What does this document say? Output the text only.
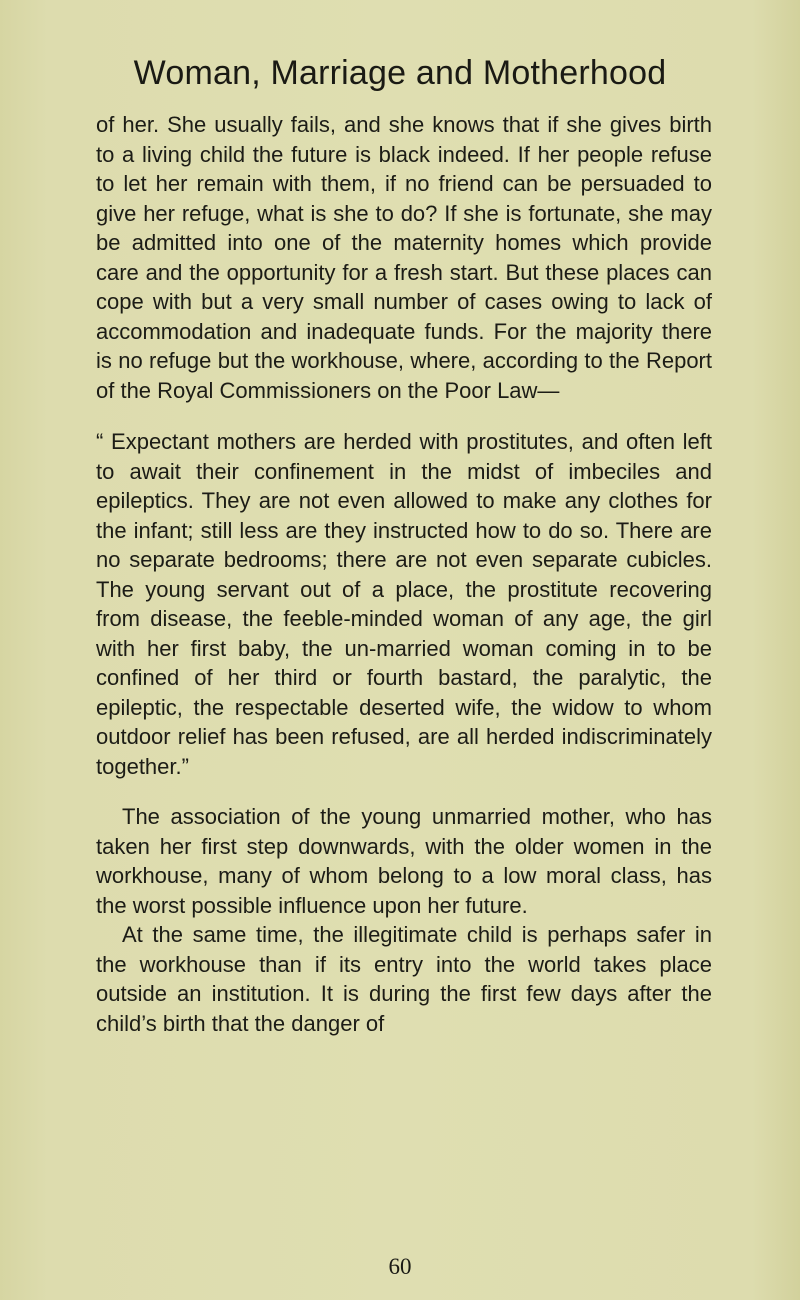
Woman, Marriage and Motherhood

of her. She usually fails, and she knows that if she gives birth to a living child the future is black indeed. If her people refuse to let her remain with them, if no friend can be persuaded to give her refuge, what is she to do? If she is fortunate, she may be admitted into one of the maternity homes which provide care and the opportunity for a fresh start. But these places can cope with but a very small number of cases owing to lack of accommodation and inadequate funds. For the majority there is no refuge but the workhouse, where, according to the Report of the Royal Commissioners on the Poor Law—

“ Expectant mothers are herded with prostitutes, and often left to await their confinement in the midst of imbeciles and epileptics. They are not even allowed to make any clothes for the infant; still less are they instructed how to do so. There are no separate bedrooms; there are not even separate cubicles. The young servant out of a place, the prostitute recovering from disease, the feeble-minded woman of any age, the girl with her first baby, the un-married woman coming in to be confined of her third or fourth bastard, the paralytic, the epileptic, the respectable deserted wife, the widow to whom outdoor relief has been refused, are all herded indiscriminately together.”

The association of the young unmarried mother, who has taken her first step downwards, with the older women in the workhouse, many of whom belong to a low moral class, has the worst possible influence upon her future.

At the same time, the illegitimate child is perhaps safer in the workhouse than if its entry into the world takes place outside an institution. It is during the first few days after the child’s birth that the danger of

60
